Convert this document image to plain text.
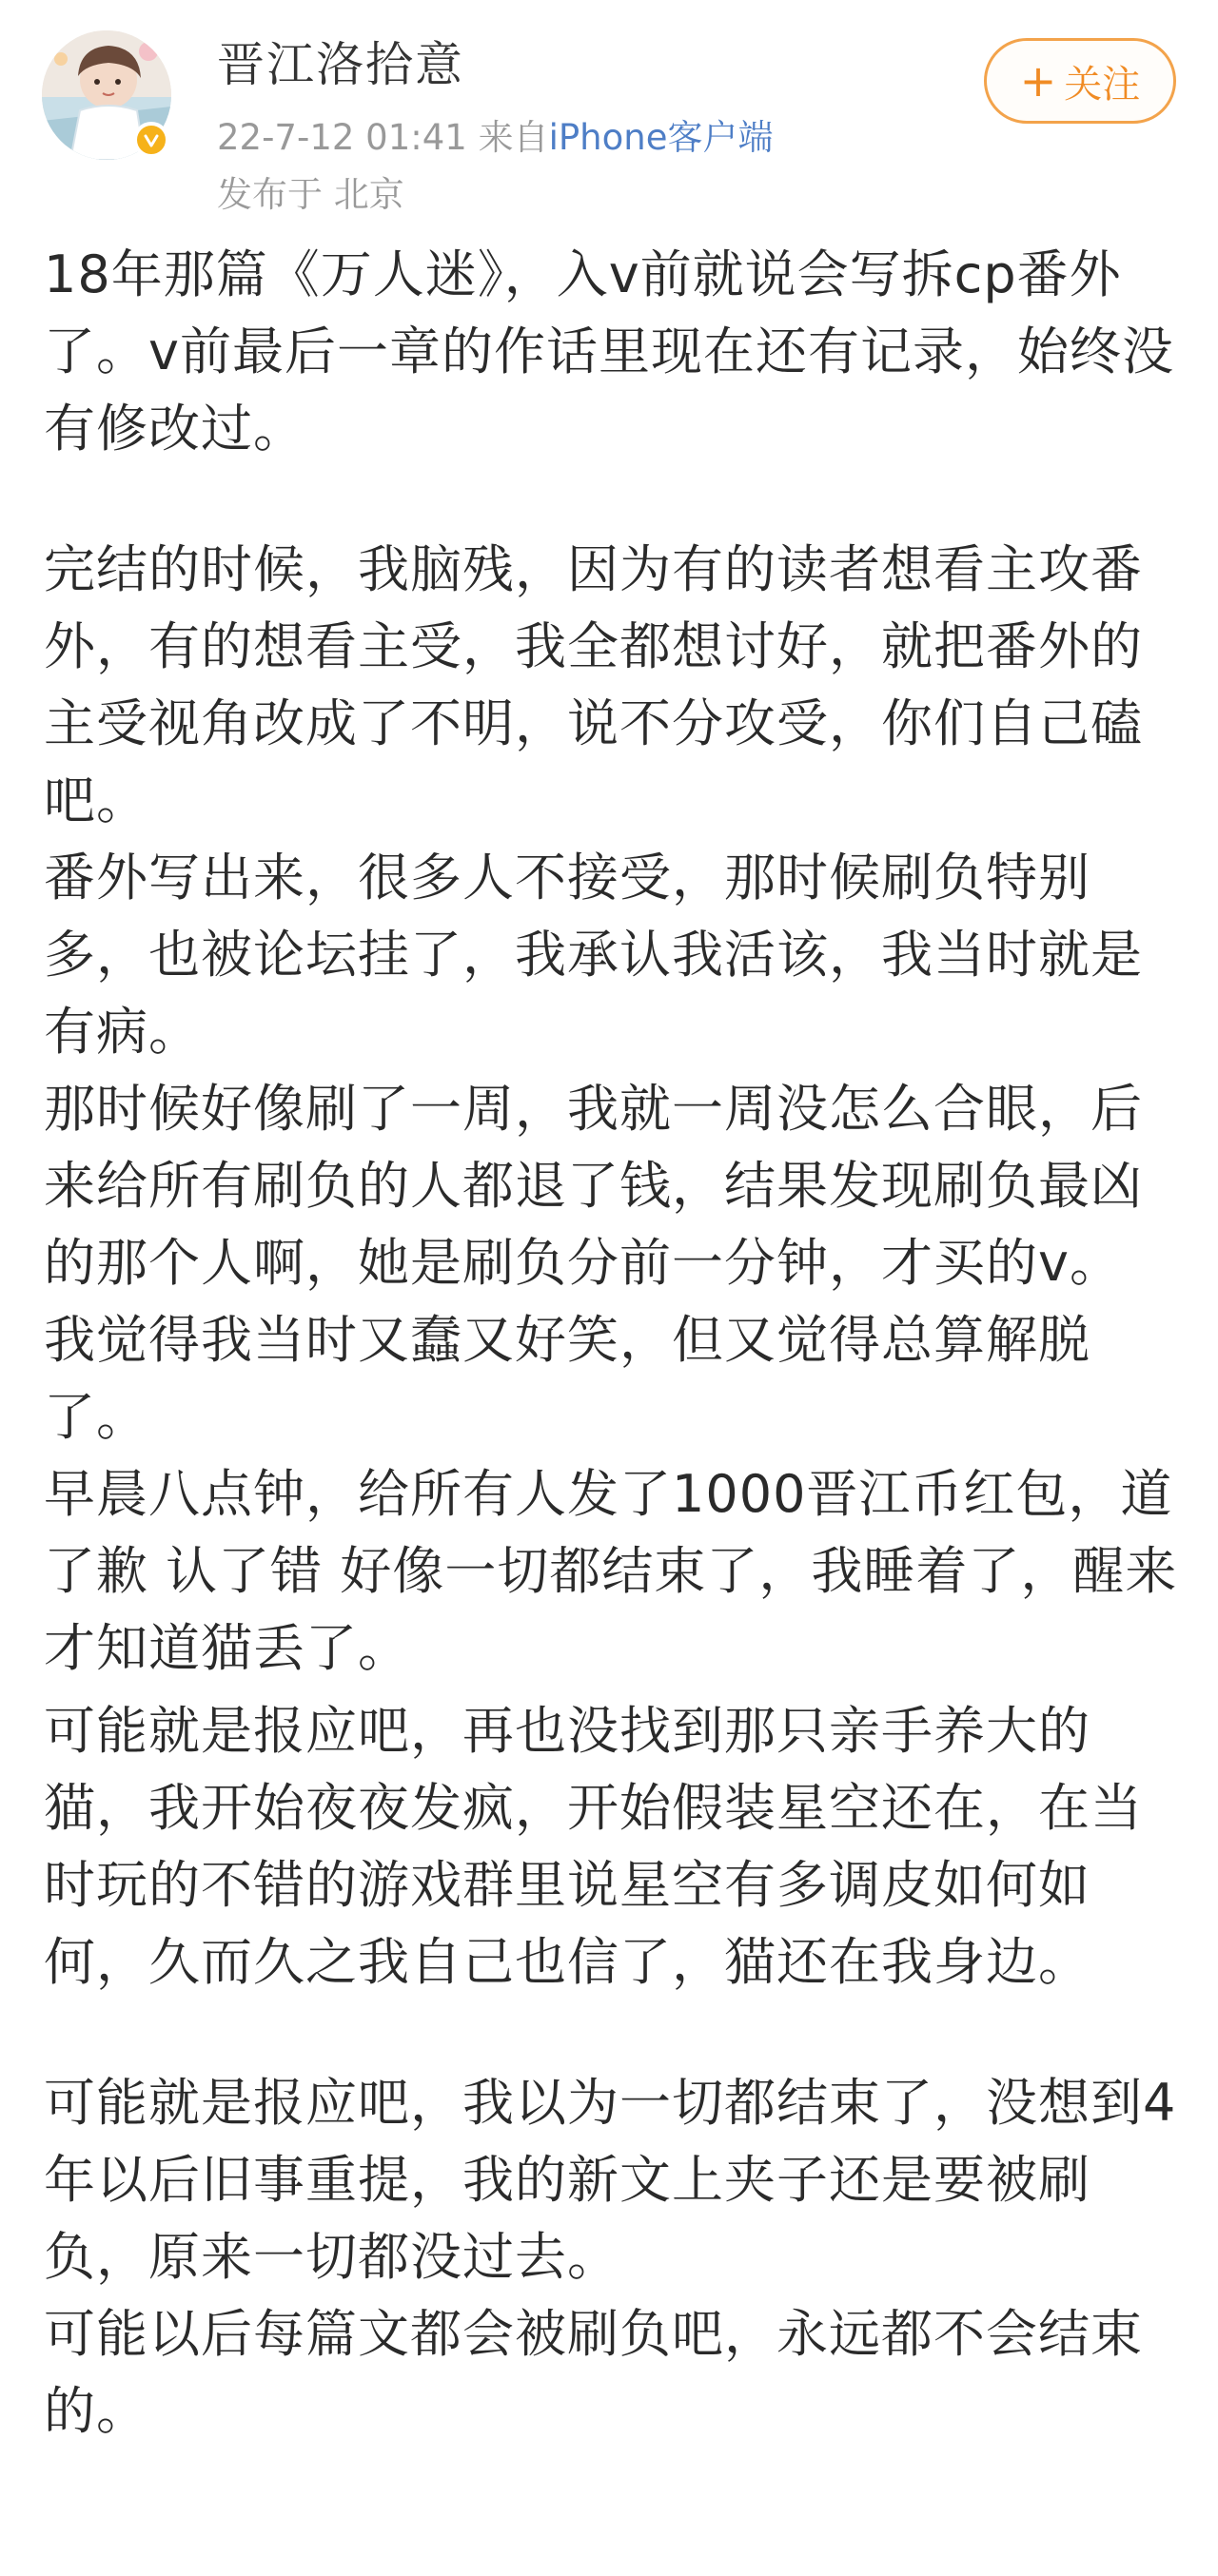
晋江洛拾意
22-7-12 01:41 来自iPhone客户端
发布于 北京
+ 关注

18年那篇《万人迷》，入v前就说会写拆cp番外了。v前最后一章的作话里现在还有记录，始终没有修改过。

完结的时候，我脑残，因为有的读者想看主攻番外，有的想看主受，我全都想讨好，就把番外的主受视角改成了不明，说不分攻受，你们自己磕吧。

番外写出来，很多人不接受，那时候刷负特别多，也被论坛挂了，我承认我活该，我当时就是有病。

那时候好像刷了一周，我就一周没怎么合眼，后来给所有刷负的人都退了钱，结果发现刷负最凶的那个人啊，她是刷负分前一分钟，才买的v。

我觉得我当时又蠢又好笑，但又觉得总算解脱了。

早晨八点钟，给所有人发了1000晋江币红包，道了歉 认了错 好像一切都结束了，我睡着了，醒来才知道猫丢了。

可能就是报应吧，再也没找到那只亲手养大的猫，我开始夜夜发疯，开始假装星空还在，在当时玩的不错的游戏群里说星空有多调皮如何如何，久而久之我自己也信了，猫还在我身边。

可能就是报应吧，我以为一切都结束了，没想到4年以后旧事重提，我的新文上夹子还是要被刷负，原来一切都没过去。

可能以后每篇文都会被刷负吧，永远都不会结束的。
